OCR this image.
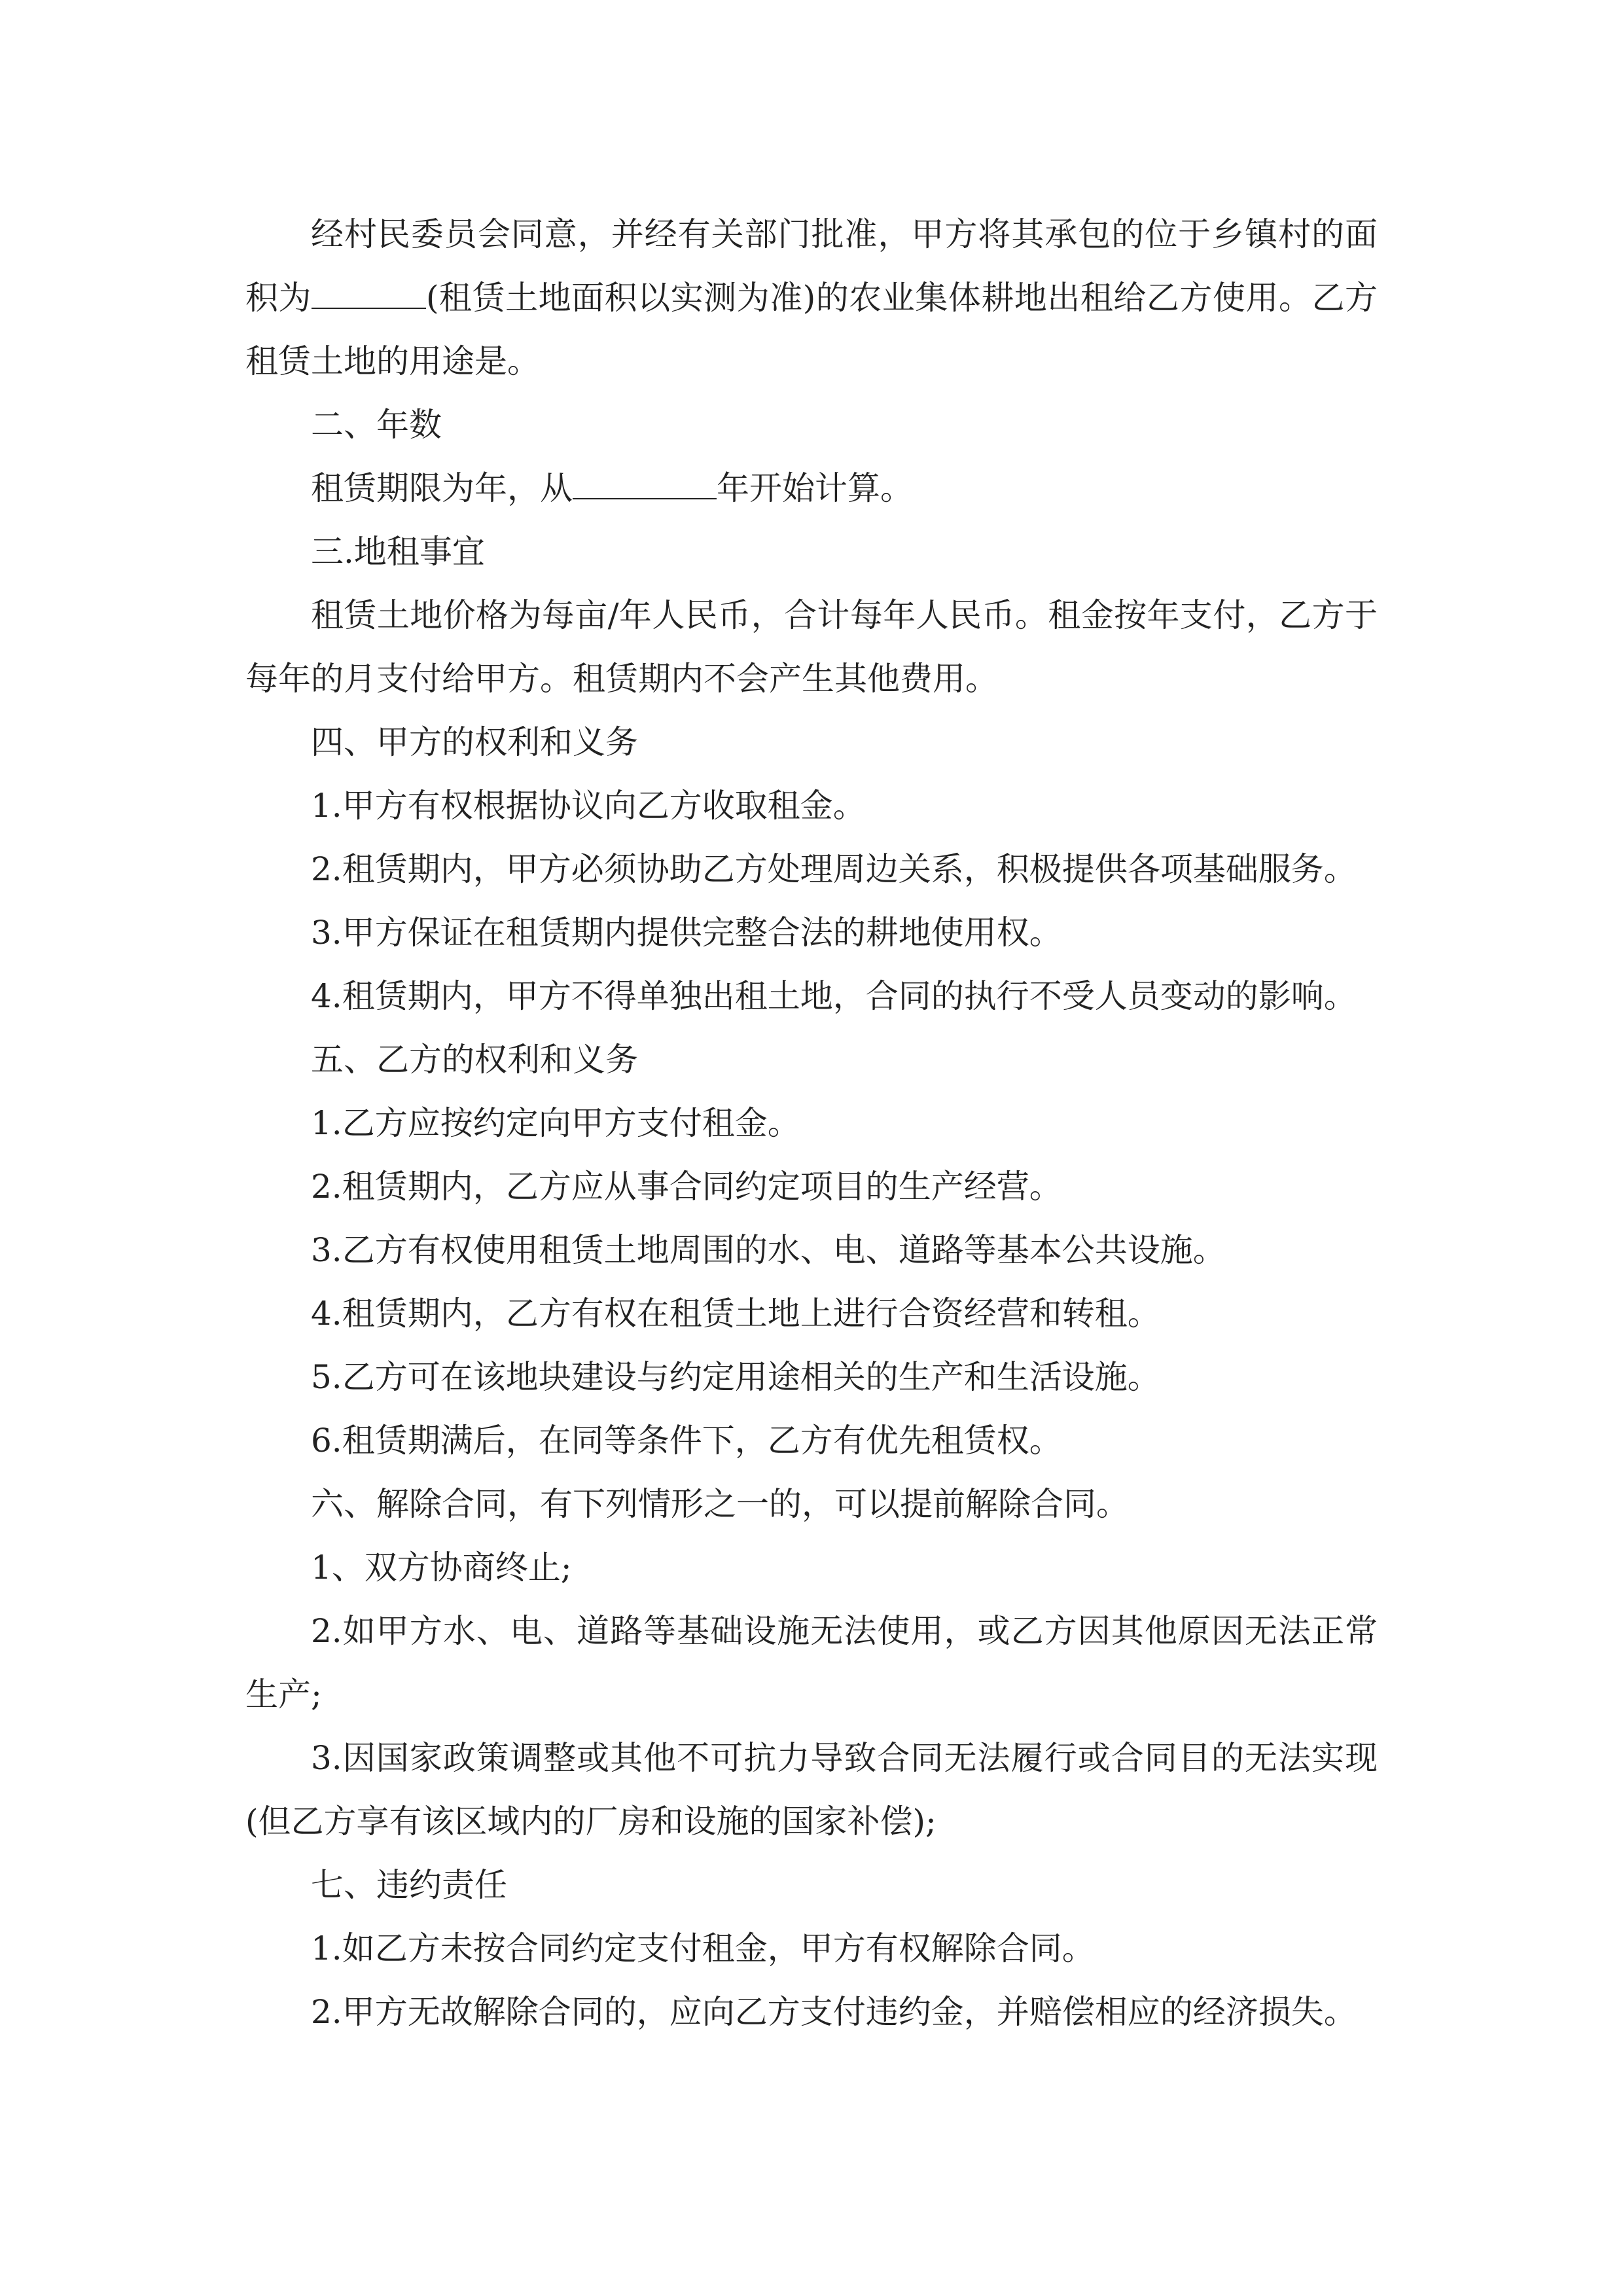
经村民委员会同意，并经有关部门批准，甲方将其承包的位于乡镇村的面积为	(租赁土地面积以实测为准)的农业集体耕地出租给乙方使用。乙方租赁土地的用途是。

二、年数

租赁期限为年，从	年开始计算。

三.地租事宜

租赁土地价格为每亩/年人民币，合计每年人民币。租金按年支付，乙方于每年的月支付给甲方。租赁期内不会产生其他费用。

四、甲方的权利和义务

1.甲方有权根据协议向乙方收取租金。

2.租赁期内，甲方必须协助乙方处理周边关系，积极提供各项基础服务。

3.甲方保证在租赁期内提供完整合法的耕地使用权。

4.租赁期内，甲方不得单独出租土地，合同的执行不受人员变动的影响。

五、乙方的权利和义务

1.乙方应按约定向甲方支付租金。

2.租赁期内，乙方应从事合同约定项目的生产经营。

3.乙方有权使用租赁土地周围的水、电、道路等基本公共设施。

4.租赁期内，乙方有权在租赁土地上进行合资经营和转租。

5.乙方可在该地块建设与约定用途相关的生产和生活设施。

6.租赁期满后，在同等条件下，乙方有优先租赁权。

六、解除合同，有下列情形之一的，可以提前解除合同。

1、双方协商终止;

2.如甲方水、电、道路等基础设施无法使用，或乙方因其他原因无法正常生产;

3.因国家政策调整或其他不可抗力导致合同无法履行或合同目的无法实现(但乙方享有该区域内的厂房和设施的国家补偿);

七、违约责任

1.如乙方未按合同约定支付租金，甲方有权解除合同。

2.甲方无故解除合同的，应向乙方支付违约金，并赔偿相应的经济损失。
